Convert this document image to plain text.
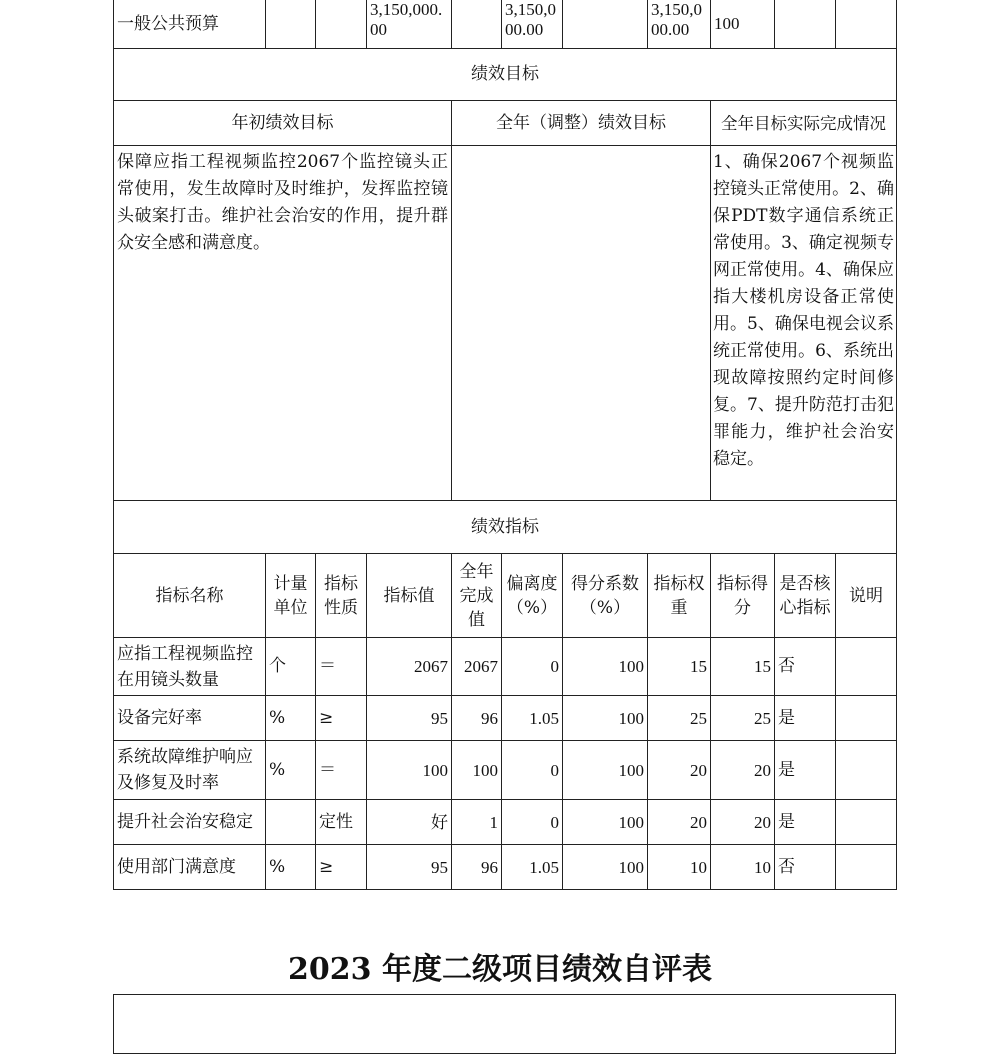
一般公共预算			3,150,000.00		3,150,000.00		3,150,000.00	100		
绩效目标										
年初绩效目标				全年（调整）绩效目标				全年目标实际完成情况		
保障应指工程视频监控2067个监控镜头正常使用，发生故障时及时维护，发挥监控镜头破案打击。维护社会治安的作用，提升群众安全感和满意度。								1、确保2067个视频监控镜头正常使用。2、确保PDT数字通信系统正常使用。3、确定视频专网正常使用。4、确保应指大楼机房设备正常使用。5、确保电视会议系统正常使用。6、系统出现故障按照约定时间修复。7、提升防范打击犯罪能力，维护社会治安稳定。		
绩效指标										
指标名称	计量单位	指标性质	指标值	全年完成值	偏离度（%）	得分系数（%）	指标权重	指标得分	是否核心指标	说明
应指工程视频监控在用镜头数量	个	＝	2067	2067	0	100	15	15	否	
设备完好率	%	≥	95	96	1.05	100	25	25	是	
系统故障维护响应及修复及时率	%	＝	100	100	0	100	20	20	是	
提升社会治安稳定		定性	好	1	0	100	20	20	是	
使用部门满意度	%	≥	95	96	1.05	100	10	10	否	
2023 年度二级项目绩效自评表
